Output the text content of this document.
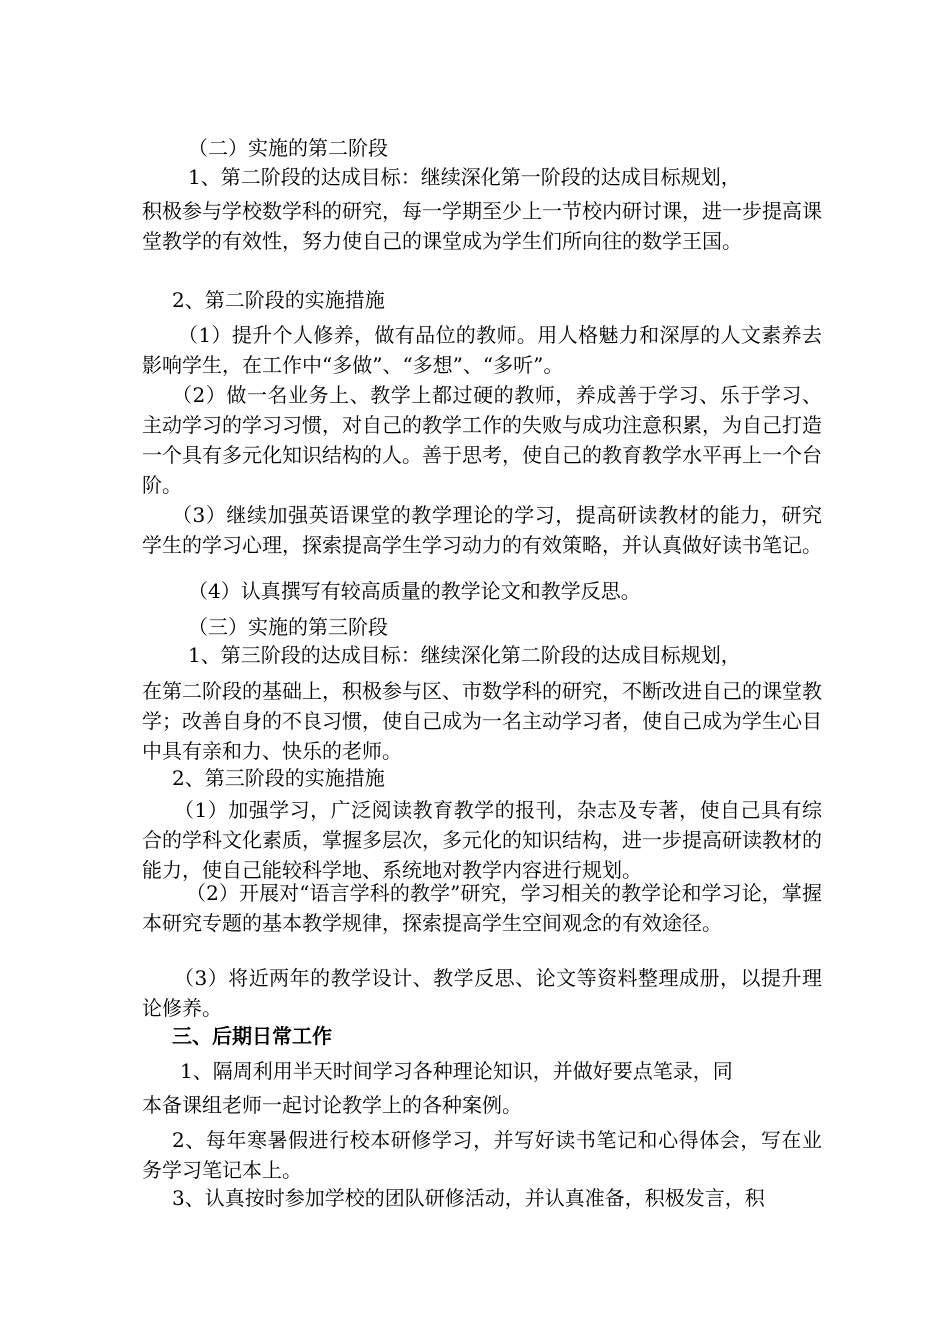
（二）实施的第二阶段

1、第二阶段的达成目标：继续深化第一阶段的达成目标规划，

积极参与学校数学科的研究，每一学期至少上一节校内研讨课，进一步提高课堂教学的有效性，努力使自己的课堂成为学生们所向往的数学王国。

2、第二阶段的实施措施

（1）提升个人修养，做有品位的教师。用人格魅力和深厚的人文素养去影响学生，在工作中“多做”、“多想”、“多听”。

（2）做一名业务上、教学上都过硬的教师，养成善于学习、乐于学习、主动学习的学习习惯，对自己的教学工作的失败与成功注意积累，为自己打造一个具有多元化知识结构的人。善于思考，使自己的教育教学水平再上一个台阶。

（3）继续加强英语课堂的教学理论的学习，提高研读教材的能力，研究学生的学习心理，探索提高学生学习动力的有效策略，并认真做好读书笔记。

（4）认真撰写有较高质量的教学论文和教学反思。

（三）实施的第三阶段

1、第三阶段的达成目标：继续深化第二阶段的达成目标规划，

在第二阶段的基础上，积极参与区、市数学科的研究，不断改进自己的课堂教学；改善自身的不良习惯，使自己成为一名主动学习者，使自己成为学生心目中具有亲和力、快乐的老师。

2、第三阶段的实施措施

（1）加强学习，广泛阅读教育教学的报刊，杂志及专著，使自己具有综合的学科文化素质，掌握多层次，多元化的知识结构，进一步提高研读教材的能力，使自己能较科学地、系统地对教学内容进行规划。

（2）开展对“语言学科的教学”研究，学习相关的教学论和学习论，掌握本研究专题的基本教学规律，探索提高学生空间观念的有效途径。

（3）将近两年的教学设计、教学反思、论文等资料整理成册，以提升理论修养。

三、后期日常工作

1、隔周利用半天时间学习各种理论知识，并做好要点笔录，同

本备课组老师一起讨论教学上的各种案例。

2、每年寒暑假进行校本研修学习，并写好读书笔记和心得体会，写在业务学习笔记本上。

3、认真按时参加学校的团队研修活动，并认真准备，积极发言，积
